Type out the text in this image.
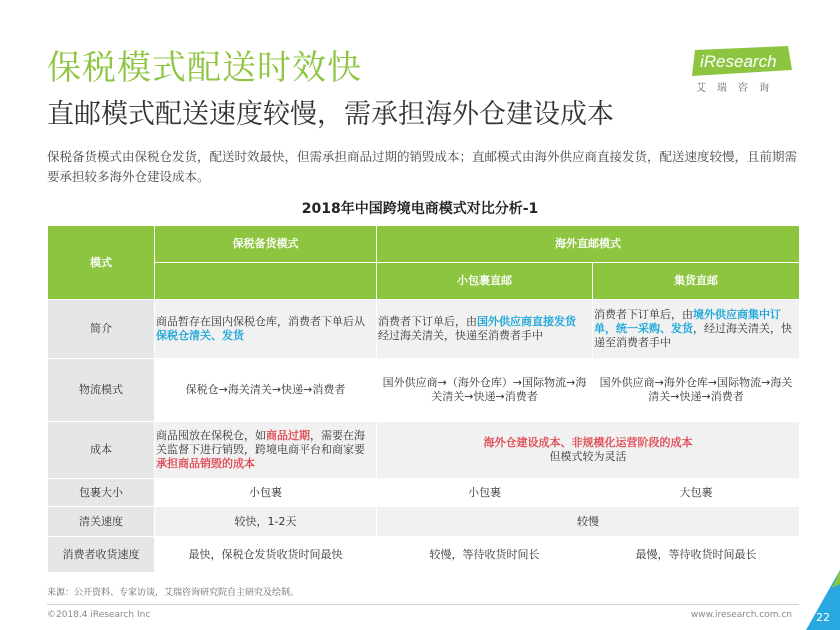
保税模式配送时效快
直邮模式配送速度较慢，需承担海外仓建设成本
iResearch
艾瑞咨询
保税备货模式由保税仓发货，配送时效最快，但需承担商品过期的销毁成本；直邮模式由海外供应商直接发货，配送速度较慢，且前期需要承担较多海外仓建设成本。
2018年中国跨境电商模式对比分析-1
模式	保税备货模式	海外直邮模式	
		小包裹直邮	集货直邮
简介	商品暂存在国内保税仓库，消费者下单后从保税仓清关、发货	消费者下订单后，由国外供应商直接发货
经过海关清关，快递至消费者手中	消费者下订单后，由境外供应商集中订单，统一采购、发货，经过海关清关，快递至消费者手中
物流模式	保税仓→海关清关→快递→消费者	国外供应商→（海外仓库）→国际物流→海关清关→快递→消费者	国外供应商→海外仓库→国际物流→海关清关→快递→消费者
成本	商品囤放在保税仓，如商品过期，需要在海关监督下进行销毁，跨境电商平台和商家要承担商品销毁的成本	海外仓建设成本、非规模化运营阶段的成本
但模式较为灵活	
包裹大小	小包裹	小包裹	大包裹
清关速度	较快，1-2天	较慢	
消费者收货速度	最快，保税仓发货收货时间最快	较慢，等待收货时间长	最慢，等待收货时间最长
来源：公开资料、专家访谈，艾瑞咨询研究院自主研究及绘制。
©2018.4 iResearch Inc	www.iresearch.com.cn 22
